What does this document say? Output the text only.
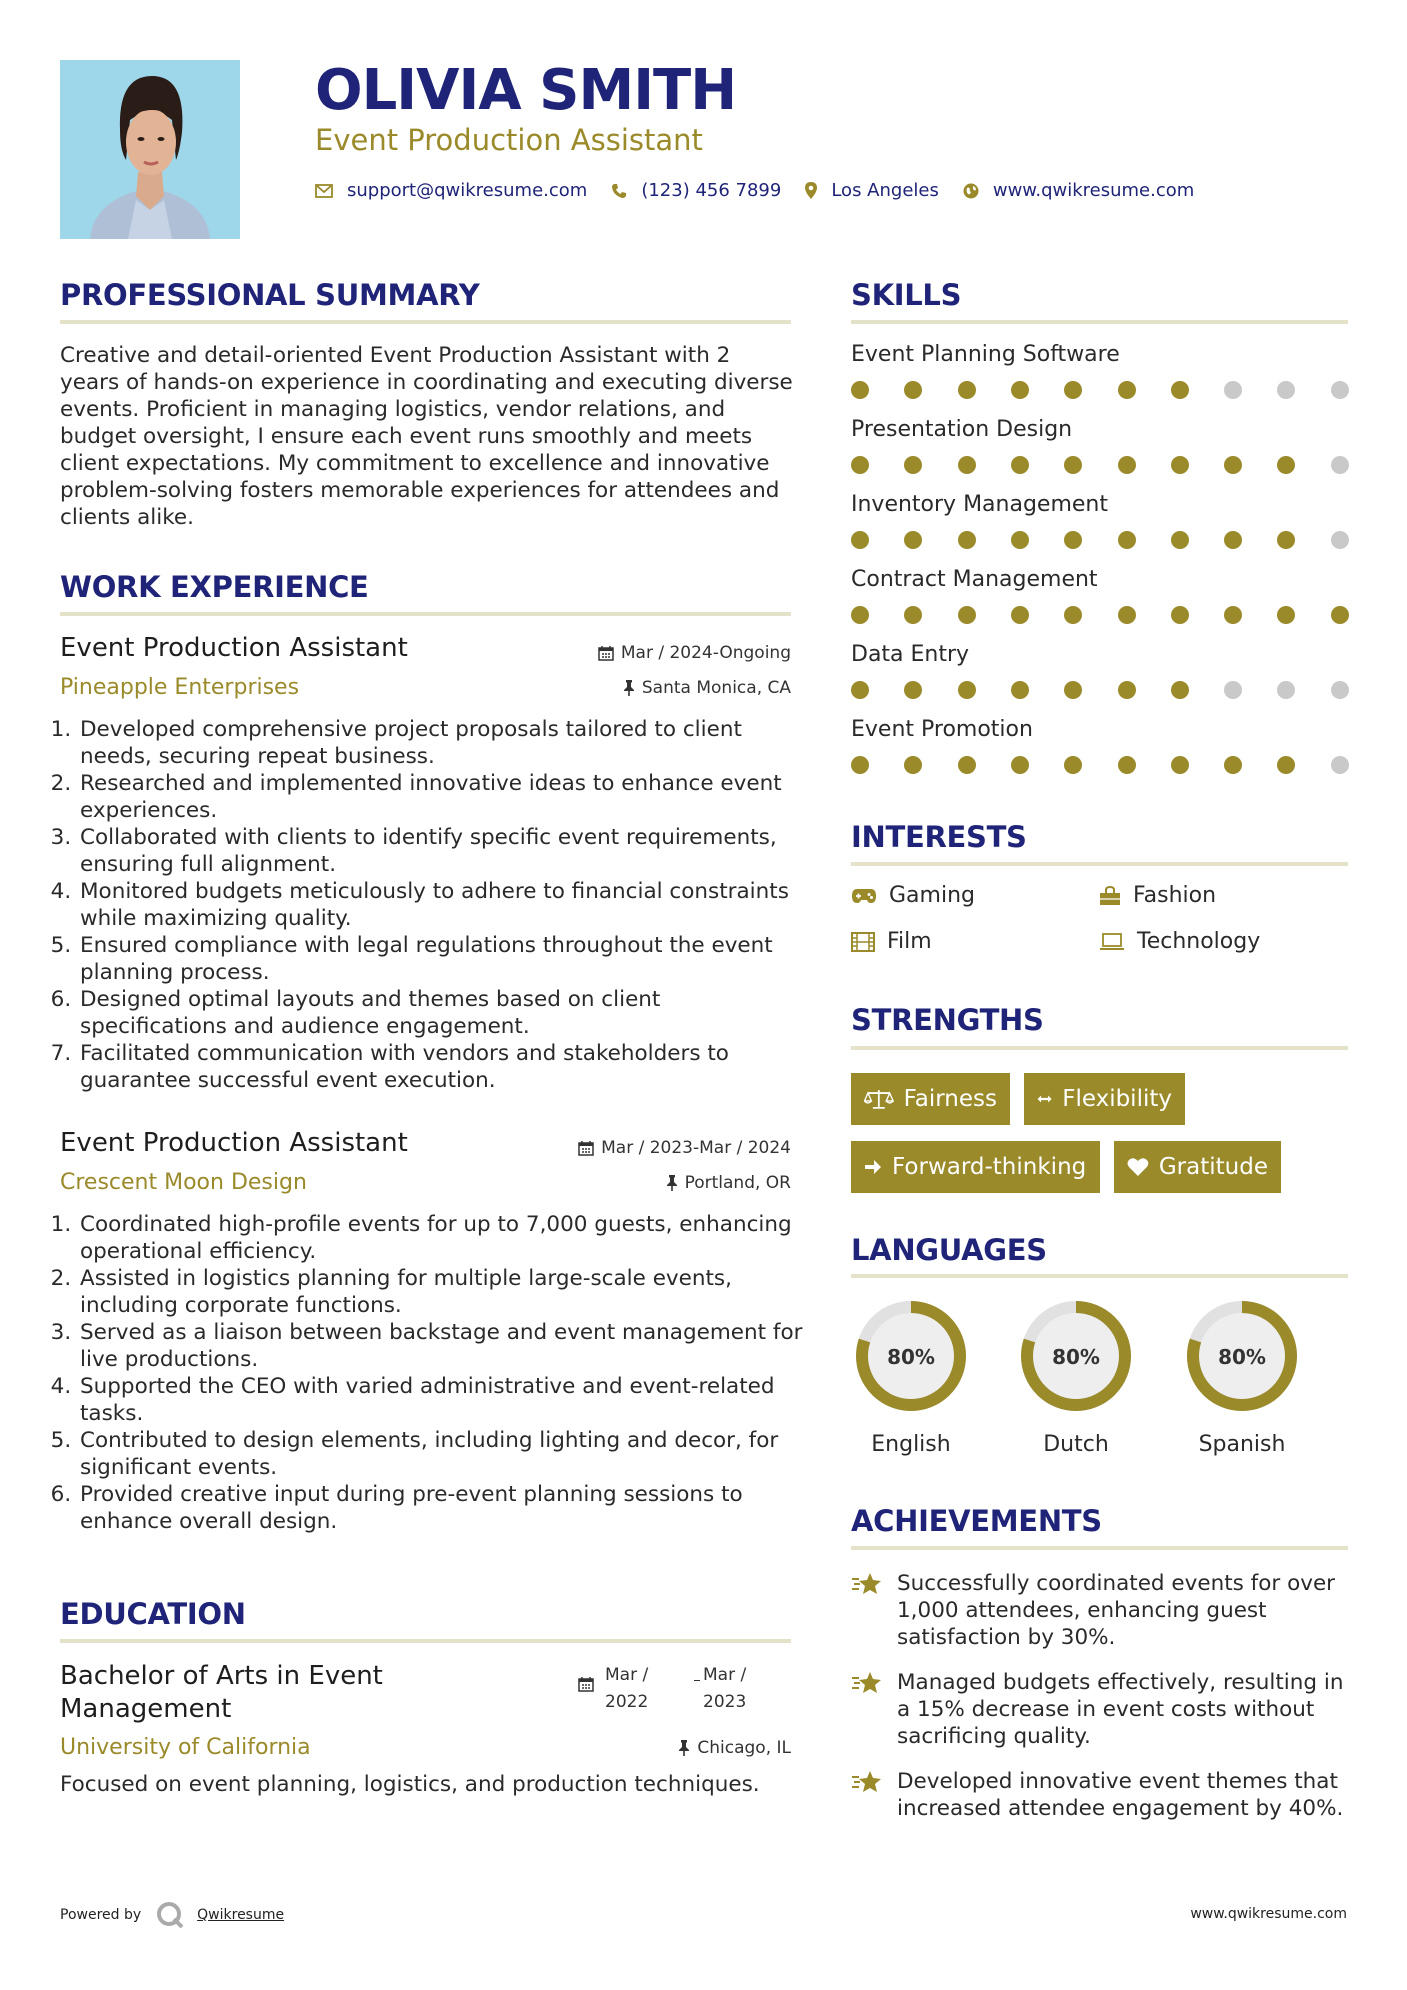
OLIVIA SMITH
Event Production Assistant
support@qwikresume.com	(123) 456 7899	Los Angeles	www.qwikresume.com
PROFESSIONAL SUMMARY
Creative and detail-oriented Event Production Assistant with 2 years of hands-on experience in coordinating and executing diverse events. Proficient in managing logistics, vendor relations, and budget oversight, I ensure each event runs smoothly and meets client expectations. My commitment to excellence and innovative problem-solving fosters memorable experiences for attendees and clients alike.
WORK EXPERIENCE
Event Production Assistant	Mar / 2024-Ongoing
Pineapple Enterprises	Santa Monica, CA
1. Developed comprehensive project proposals tailored to client needs, securing repeat business.
2. Researched and implemented innovative ideas to enhance event experiences.
3. Collaborated with clients to identify specific event requirements, ensuring full alignment.
4. Monitored budgets meticulously to adhere to financial constraints while maximizing quality.
5. Ensured compliance with legal regulations throughout the event planning process.
6. Designed optimal layouts and themes based on client specifications and audience engagement.
7. Facilitated communication with vendors and stakeholders to guarantee successful event execution.
Event Production Assistant	Mar / 2023-Mar / 2024
Crescent Moon Design	Portland, OR
1. Coordinated high-profile events for up to 7,000 guests, enhancing operational efficiency.
2. Assisted in logistics planning for multiple large-scale events, including corporate functions.
3. Served as a liaison between backstage and event management for live productions.
4. Supported the CEO with varied administrative and event-related tasks.
5. Contributed to design elements, including lighting and decor, for significant events.
6. Provided creative input during pre-event planning sessions to enhance overall design.
EDUCATION
Bachelor of Arts in Event Management
Mar /
2022
Mar /
2023
University of California	Chicago, IL
Focused on event planning, logistics, and production techniques.
SKILLS
Event Planning Software
Presentation Design
Inventory Management
Contract Management
Data Entry
Event Promotion
INTERESTS
Gaming	Fashion
Film	Technology
STRENGTHS
Fairness	Flexibility
Forward-thinking	Gratitude
LANGUAGES
80%
English
80%
Dutch
80%
Spanish
ACHIEVEMENTS
Successfully coordinated events for over 1,000 attendees, enhancing guest satisfaction by 30%.
Managed budgets effectively, resulting in a 15% decrease in event costs without sacrificing quality.
Developed innovative event themes that increased attendee engagement by 40%.
Powered by	Qwikresume	www.qwikresume.com
